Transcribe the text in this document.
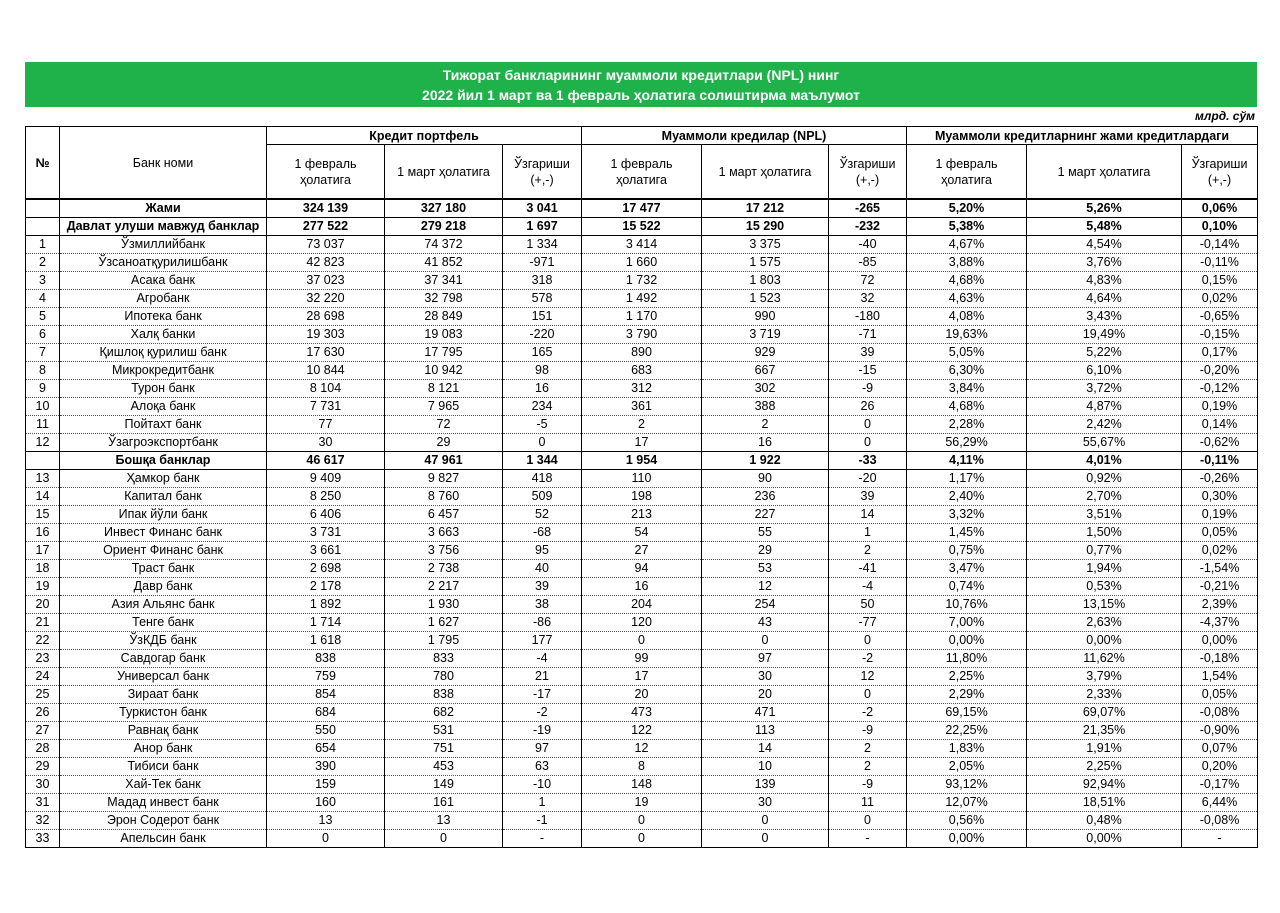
Тижорат банкларининг муаммоли кредитлари (NPL) нинг
2022 йил 1 март ва 1 февраль ҳолатига солиштирма маълумот
млрд. сўм
№	Банк номи	Кредит портфель			Муаммоли кредилар (NPL)			Муаммоли кредитларнинг жами кредитлардаги		
		1 февраль ҳолатига	1 март ҳолатига	Ўзгариши (+,-)	1 февраль ҳолатига	1 март ҳолатига	Ўзгариши (+,-)	1 февраль ҳолатига	1 март ҳолатига	Ўзгариши (+,-)
	Жами	324 139	327 180	3 041	17 477	17 212	-265	5,20%	5,26%	0,06%
	Давлат улуши мавжуд банклар	277 522	279 218	1 697	15 522	15 290	-232	5,38%	5,48%	0,10%
1	Ўзмиллийбанк	73 037	74 372	1 334	3 414	3 375	-40	4,67%	4,54%	-0,14%
2	Ўзсаноатқурилишбанк	42 823	41 852	-971	1 660	1 575	-85	3,88%	3,76%	-0,11%
3	Асака банк	37 023	37 341	318	1 732	1 803	72	4,68%	4,83%	0,15%
4	Агробанк	32 220	32 798	578	1 492	1 523	32	4,63%	4,64%	0,02%
5	Ипотека банк	28 698	28 849	151	1 170	990	-180	4,08%	3,43%	-0,65%
6	Халқ банки	19 303	19 083	-220	3 790	3 719	-71	19,63%	19,49%	-0,15%
7	Қишлоқ қурилиш банк	17 630	17 795	165	890	929	39	5,05%	5,22%	0,17%
8	Микрокредитбанк	10 844	10 942	98	683	667	-15	6,30%	6,10%	-0,20%
9	Турон банк	8 104	8 121	16	312	302	-9	3,84%	3,72%	-0,12%
10	Алоқа банк	7 731	7 965	234	361	388	26	4,68%	4,87%	0,19%
11	Пойтахт банк	77	72	-5	2	2	0	2,28%	2,42%	0,14%
12	Ўзагроэкспортбанк	30	29	0	17	16	0	56,29%	55,67%	-0,62%
	Бошқа банклар	46 617	47 961	1 344	1 954	1 922	-33	4,11%	4,01%	-0,11%
13	Ҳамкор банк	9 409	9 827	418	110	90	-20	1,17%	0,92%	-0,26%
14	Капитал банк	8 250	8 760	509	198	236	39	2,40%	2,70%	0,30%
15	Ипак йўли банк	6 406	6 457	52	213	227	14	3,32%	3,51%	0,19%
16	Инвест Финанс банк	3 731	3 663	-68	54	55	1	1,45%	1,50%	0,05%
17	Ориент Финанс банк	3 661	3 756	95	27	29	2	0,75%	0,77%	0,02%
18	Траст банк	2 698	2 738	40	94	53	-41	3,47%	1,94%	-1,54%
19	Давр банк	2 178	2 217	39	16	12	-4	0,74%	0,53%	-0,21%
20	Азия Альянс банк	1 892	1 930	38	204	254	50	10,76%	13,15%	2,39%
21	Тенге банк	1 714	1 627	-86	120	43	-77	7,00%	2,63%	-4,37%
22	ЎзКДБ банк	1 618	1 795	177	0	0	0	0,00%	0,00%	0,00%
23	Савдогар банк	838	833	-4	99	97	-2	11,80%	11,62%	-0,18%
24	Универсал банк	759	780	21	17	30	12	2,25%	3,79%	1,54%
25	Зираат банк	854	838	-17	20	20	0	2,29%	2,33%	0,05%
26	Туркистон банк	684	682	-2	473	471	-2	69,15%	69,07%	-0,08%
27	Равнақ банк	550	531	-19	122	113	-9	22,25%	21,35%	-0,90%
28	Анор банк	654	751	97	12	14	2	1,83%	1,91%	0,07%
29	Тибиси банк	390	453	63	8	10	2	2,05%	2,25%	0,20%
30	Хай-Тек банк	159	149	-10	148	139	-9	93,12%	92,94%	-0,17%
31	Мадад инвест банк	160	161	1	19	30	11	12,07%	18,51%	6,44%
32	Эрон Содерот банк	13	13	-1	0	0	0	0,56%	0,48%	-0,08%
33	Апельсин банк	0	0	-	0	0	-	0,00%	0,00%	-
